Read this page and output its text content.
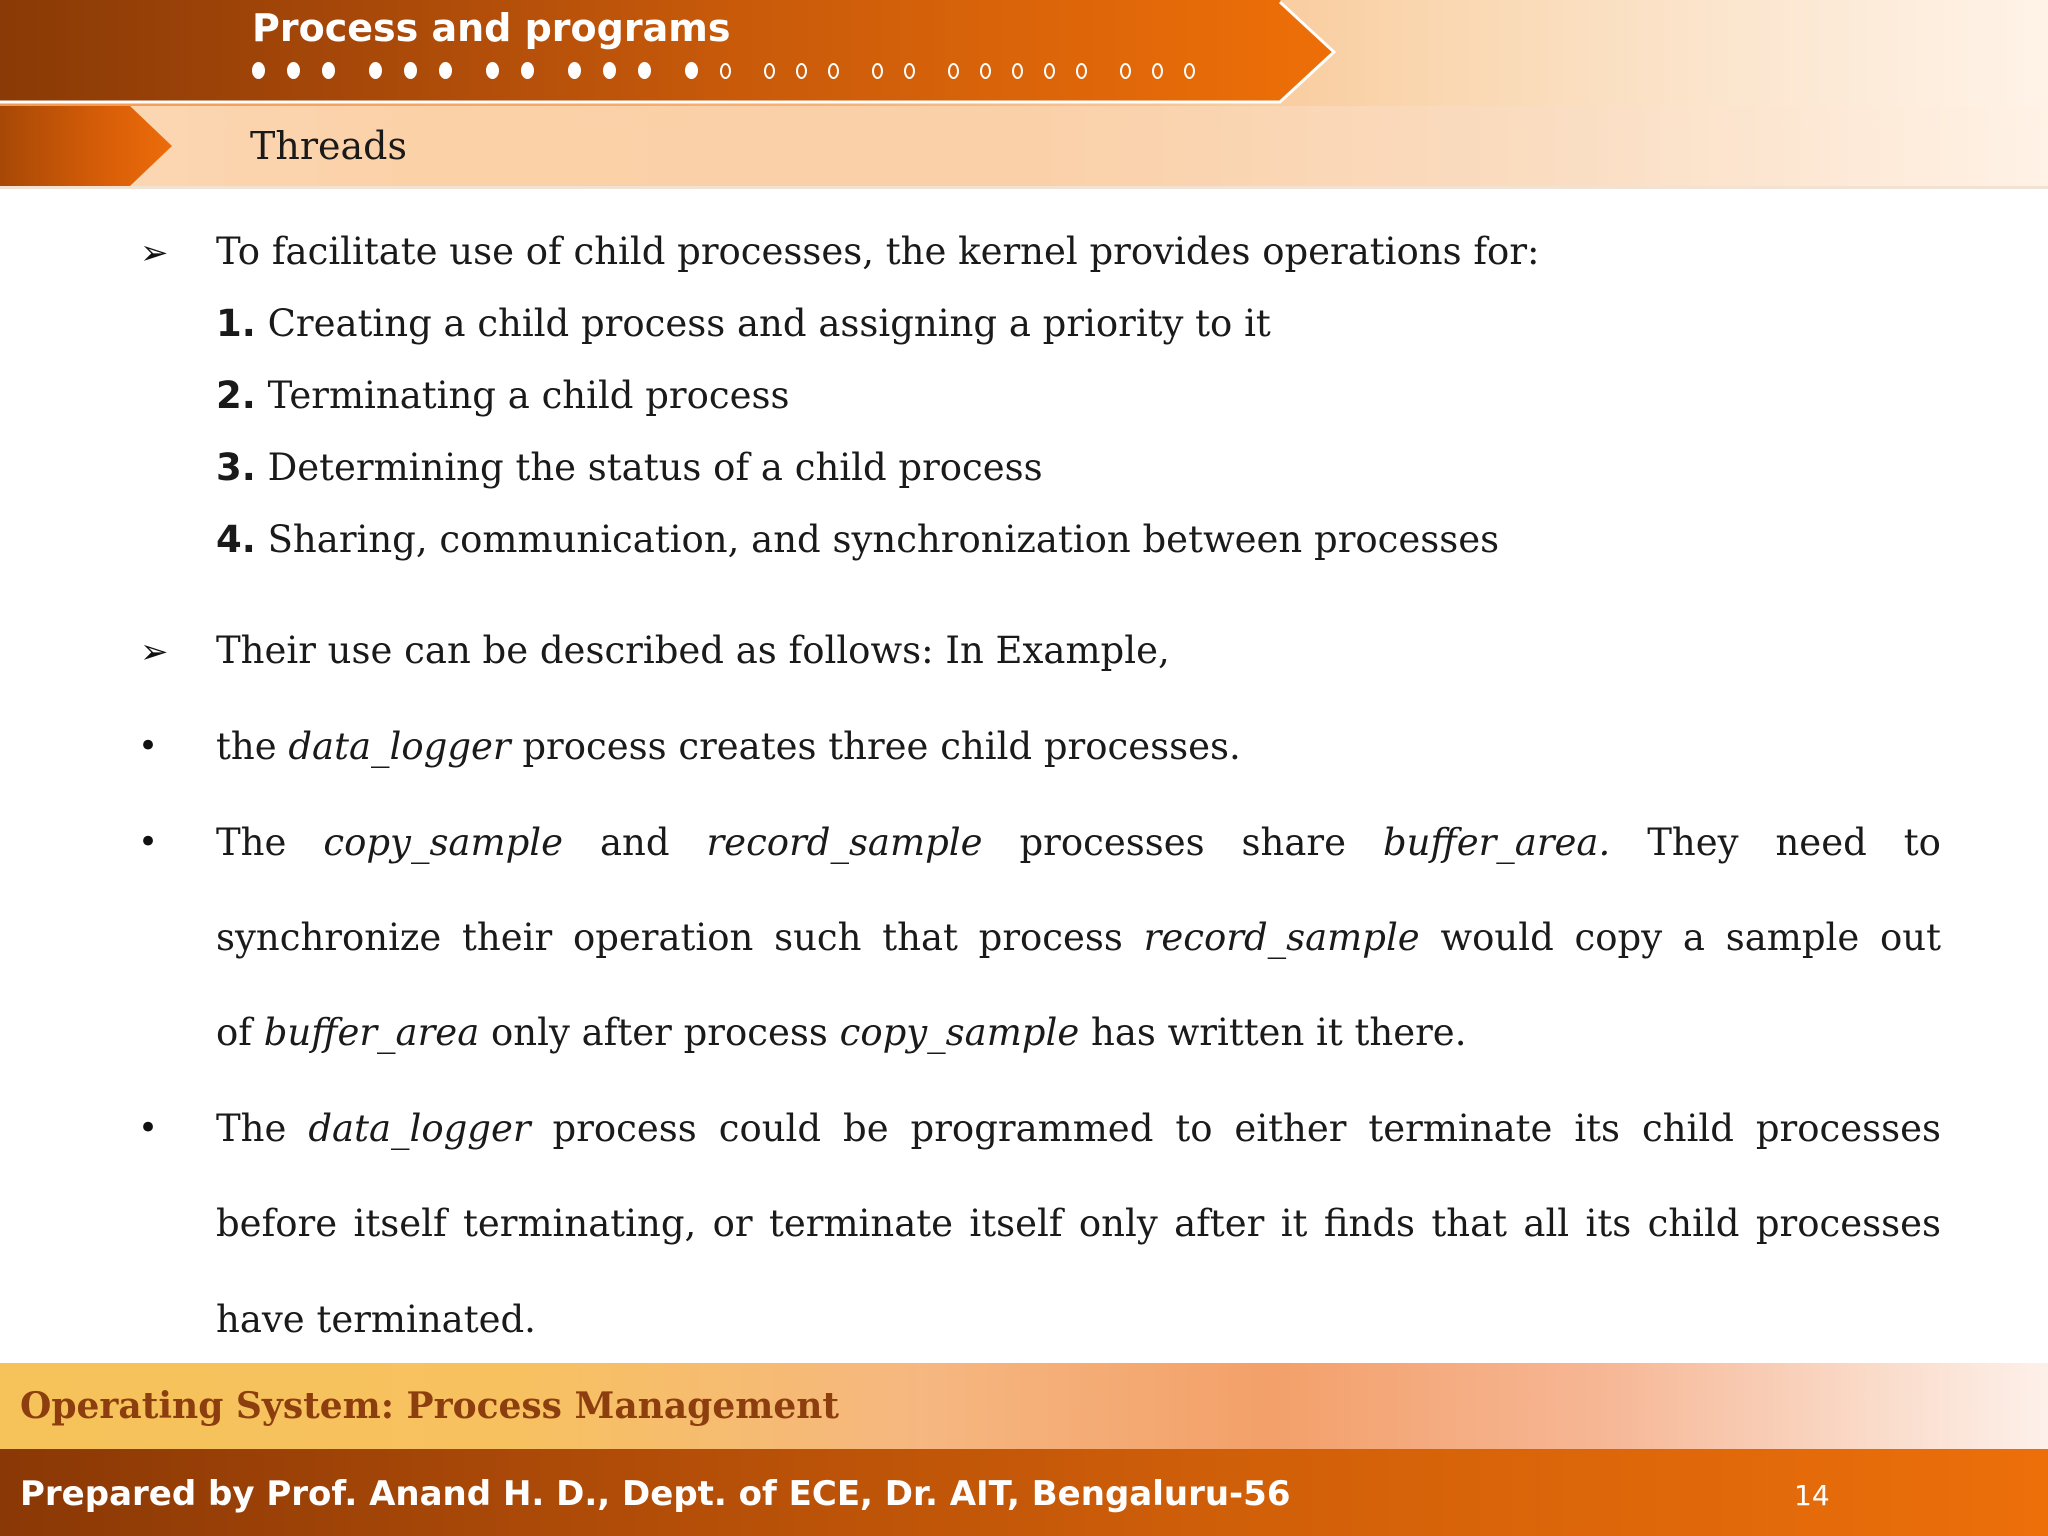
Process and programs
Threads
➢ To facilitate use of child processes, the kernel provides operations for:
1. Creating a child process and assigning a priority to it
2. Terminating a child process
3. Determining the status of a child process
4. Sharing, communication, and synchronization between processes
➢ Their use can be described as follows: In Example,
• the data_logger process creates three child processes.
• The copy_sample and record_sample processes share buffer_area. They need to
synchronize their operation such that process record_sample would copy a sample out
of buffer_area only after process copy_sample has written it there.
• The data_logger process could be programmed to either terminate its child processes
before itself terminating, or terminate itself only after it finds that all its child processes
have terminated.
Operating System: Process Management
Prepared by Prof. Anand H. D., Dept. of ECE, Dr. AIT, Bengaluru-56	14
